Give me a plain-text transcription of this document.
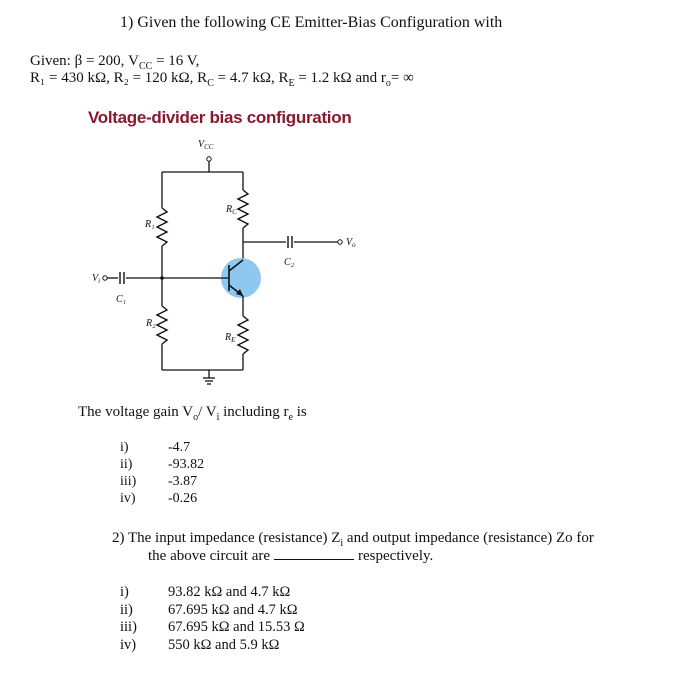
1) Given the following CE Emitter-Bias Configuration with
Given: β = 200, $V_{CC} = 16$ V,
R₁ = 430 kΩ, R₂ = 120 kΩ, $R_C = 4.7$ kΩ, $R_E = 1.2$ kΩ and $r_o=$ ∞
Voltage-divider bias configuration
$V_{CC}$
R₁
R₂
$R_C$
$V_o$
C₂
$V_i$
C₁
$R_E$
The voltage gain $V_o/$ $V_i$ including $r_e$ is
i)	-4.7
ii)	-93.82
iii)	-3.87
iv)	-0.26
2) The input impedance (resistance) $Z_i$ and output impedance (resistance) Zo for
the above circuit are	respectively.
i)	93.82 kΩ and 4.7 kΩ
ii)	67.695 kΩ and 4.7 kΩ
iii)	67.695 kΩ and 15.53 Ω
iv)	550 kΩ and 5.9 kΩ
